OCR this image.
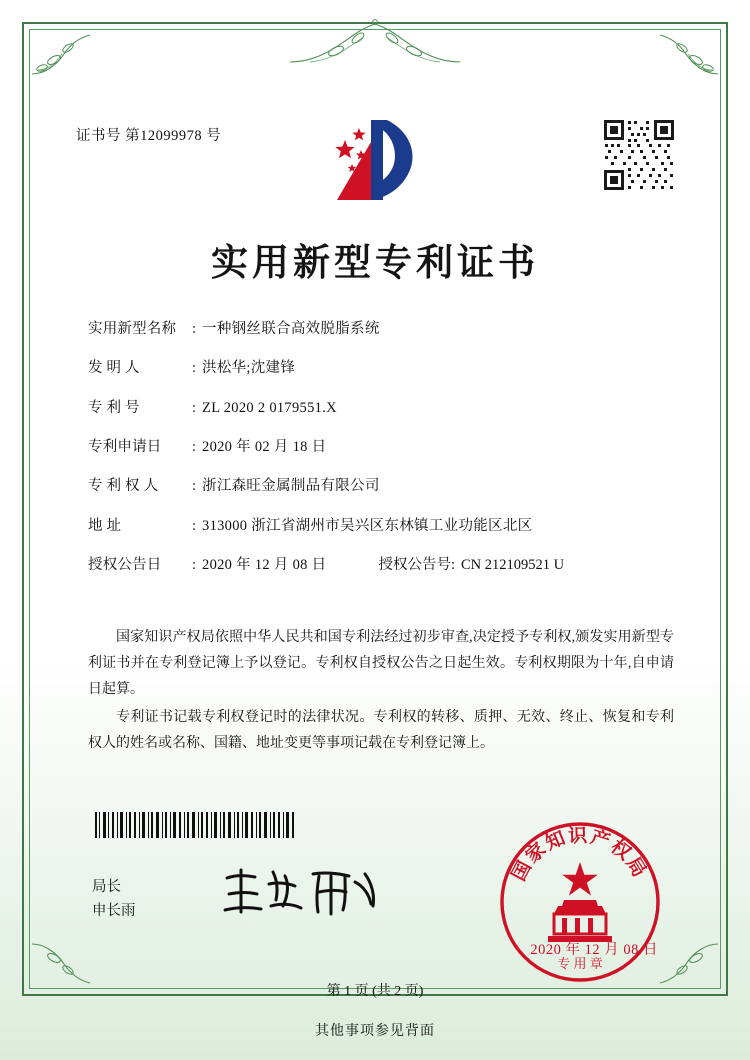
证书号 第12099978 号
实用新型专利证书
实用新型名称	: 一种钢丝联合高效脱脂系统
发 明 人	: 洪松华;沈建锋
专 利 号	: ZL 2020 2 0179551.X
专利申请日	: 2020 年 02 月 18 日
专 利 权 人	: 浙江森旺金属制品有限公司
地 址	: 313000 浙江省湖州市吴兴区东林镇工业功能区北区
授权公告日	: 2020 年 12 月 08 日	授权公告号: CN 212109521 U

国家知识产权局依照中华人民共和国专利法经过初步审查,决定授予专利权,颁发实用新型专利证书并在专利登记簿上予以登记。专利权自授权公告之日起生效。专利权期限为十年,自申请日起算。

专利证书记载专利权登记时的法律状况。专利权的转移、质押、无效、终止、恢复和专利权人的姓名或名称、国籍、地址变更等事项记载在专利登记簿上。

局长
申长雨
国
家
知 识 产
权
局
专 用 章
2020 年 12 月 08 日
第 1 页 (共 2 页)
其他事项参见背面
